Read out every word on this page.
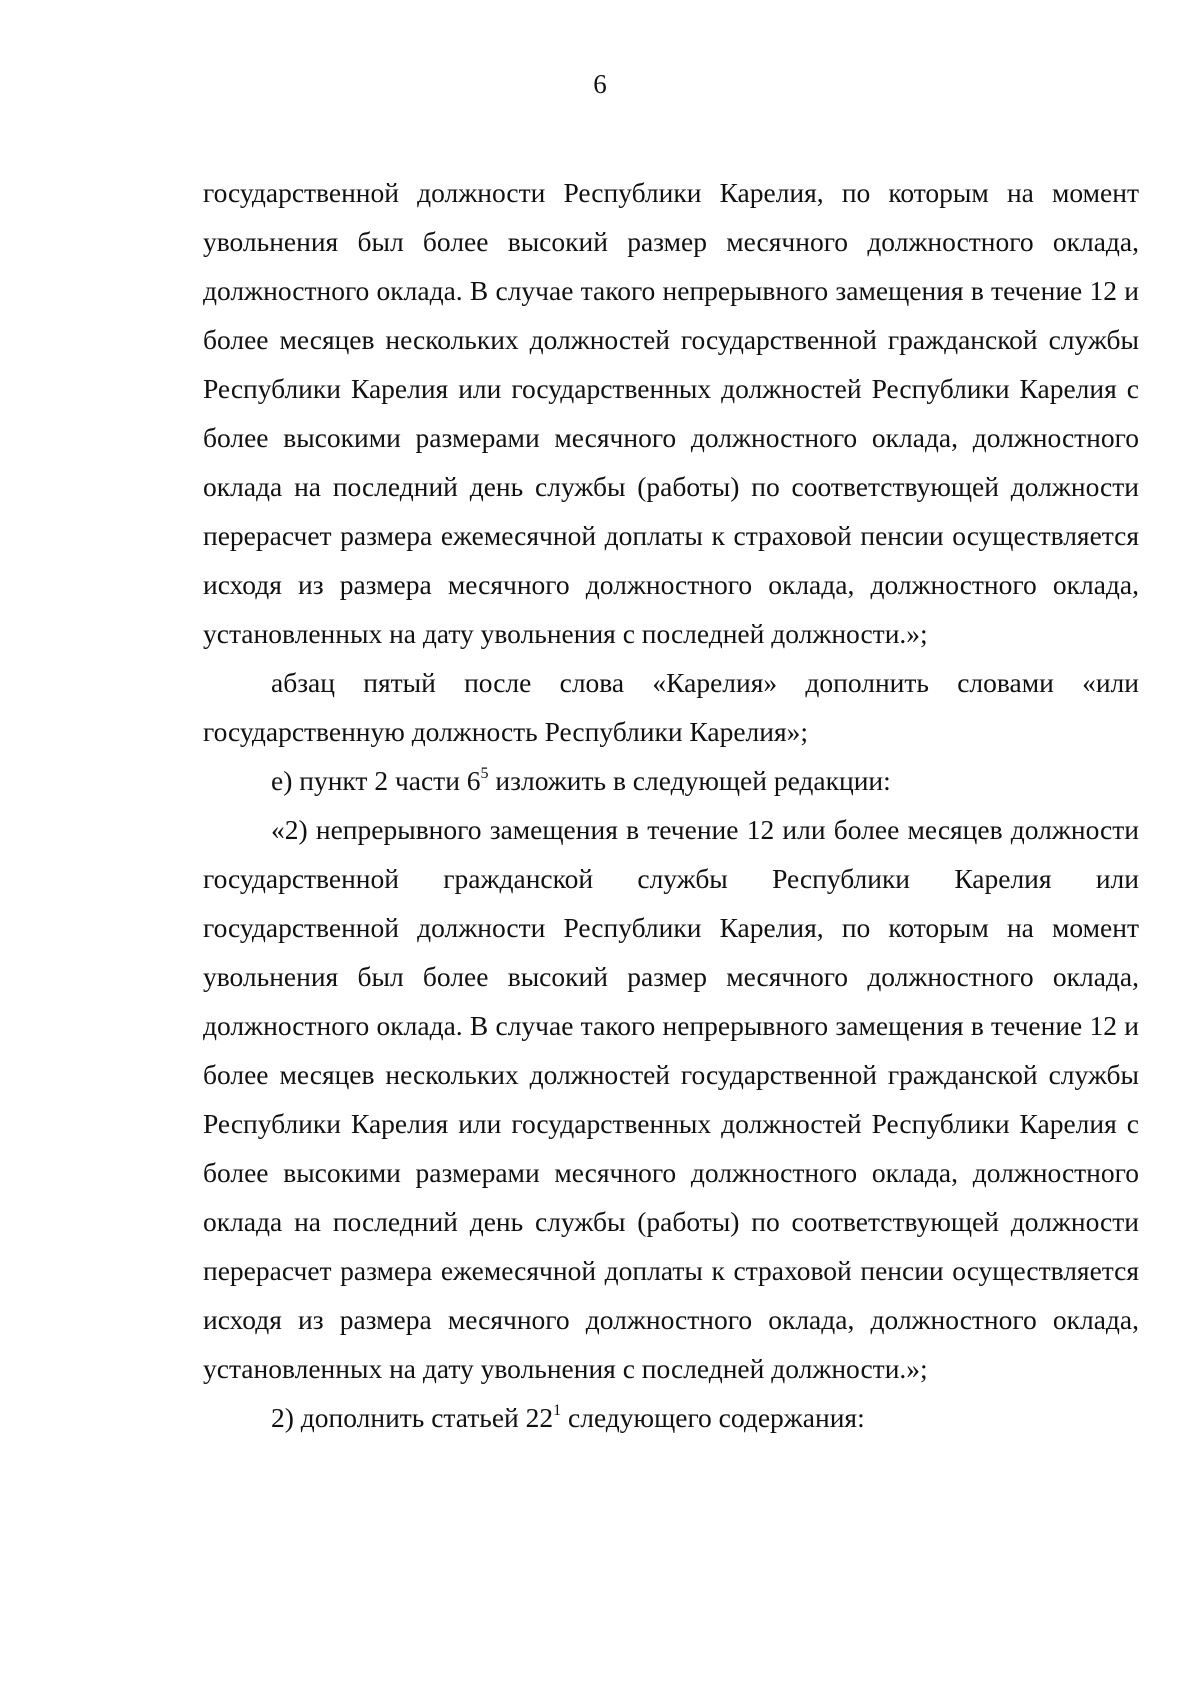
6

государственной должности Республики Карелия, по которым на момент увольнения был более высокий размер месячного должностного оклада, должностного оклада. В случае такого непрерывного замещения в течение 12 и более месяцев нескольких должностей государственной гражданской службы Республики Карелия или государственных должностей Республики Карелия с более высокими размерами месячного должностного оклада, должностного оклада на последний день службы (работы) по соответствующей должности перерасчет размера ежемесячной доплаты к страховой пенсии осуществляется исходя из размера месячного должностного оклада, должностного оклада, установленных на дату увольнения с последней должности.»;

абзац пятый после слова «Карелия» дополнить словами «или государственную должность Республики Карелия»;

е) пункт 2 части $6^5$ изложить в следующей редакции:

«2) непрерывного замещения в течение 12 или более месяцев должности государственной гражданской службы Республики Карелия или государственной должности Республики Карелия, по которым на момент увольнения был более высокий размер месячного должностного оклада, должностного оклада. В случае такого непрерывного замещения в течение 12 и более месяцев нескольких должностей государственной гражданской службы Республики Карелия или государственных должностей Республики Карелия с более высокими размерами месячного должностного оклада, должностного оклада на последний день службы (работы) по соответствующей должности перерасчет размера ежемесячной доплаты к страховой пенсии осуществляется исходя из размера месячного должностного оклада, должностного оклада, установленных на дату увольнения с последней должности.»;

2) дополнить статьей $22^1$ следующего содержания:
